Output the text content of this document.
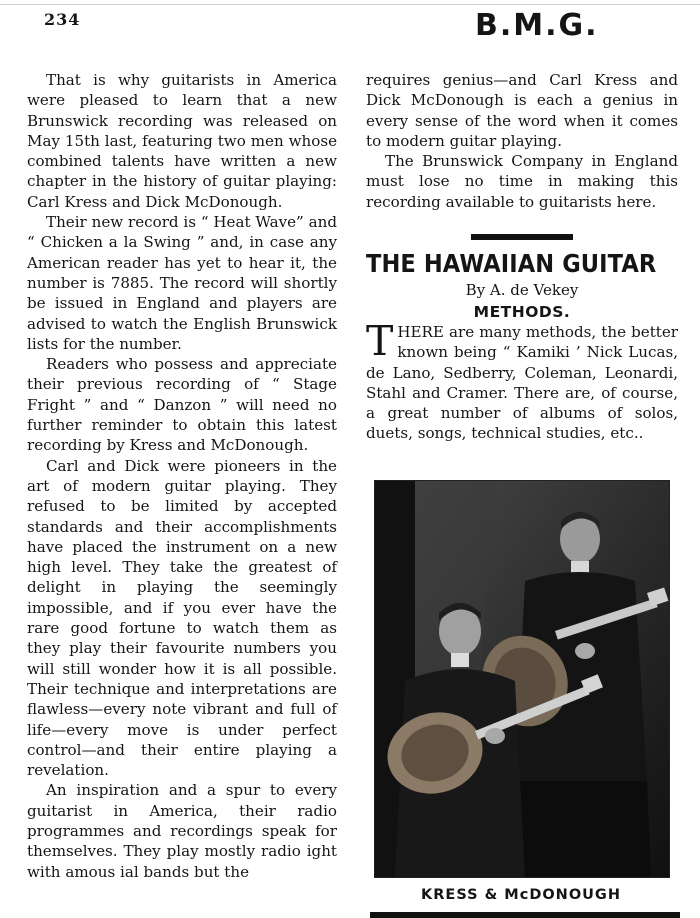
234	B.M.G.

That is why guitarists in America were pleased to learn that a new Brunswick recording was released on May 15th last, featuring two men whose combined talents have written a new chapter in the history of guitar playing: Carl Kress and Dick McDonough.

Their new record is “ Heat Wave” and “ Chicken a la Swing ” and, in case any American reader has yet to hear it, the number is 7885. The record will shortly be issued in England and players are advised to watch the English Brunswick lists for the number.

Readers who possess and appreciate their previous recording of “ Stage Fright ” and “ Danzon ” will need no further reminder to obtain this latest recording by Kress and McDonough.

Carl and Dick were pioneers in the art of modern guitar playing. They refused to be limited by accepted standards and their accomplishments have placed the instrument on a new high level. They take the greatest of delight in playing the seemingly impossible, and if you ever have the rare good fortune to watch them as they play their favourite numbers you will still wonder how it is all possible. Their technique and interpretations are flawless—every note vibrant and full of life—every move is under perfect control—and their entire playing a revelation.

An inspiration and a spur to every guitarist in America, their radio programmes and recordings speak for themselves. They play mostly radio ight with amous ial bands but the

requires genius—and Carl Kress and Dick McDonough is each a genius in every sense of the word when it comes to modern guitar playing.

The Brunswick Company in England must lose no time in making this recording available to guitarists here.

THE HAWAIIAN GUITAR
By A. de Vekey
METHODS.

THERE are many methods, the better known being “ Kamiki ’ Nick Lucas, de Lano, Sedberry, Coleman, Leonardi, Stahl and Cramer. There are, of course, a great number of albums of solos, duets, songs, technical studies, etc..

KRESS & McDONOUGH
